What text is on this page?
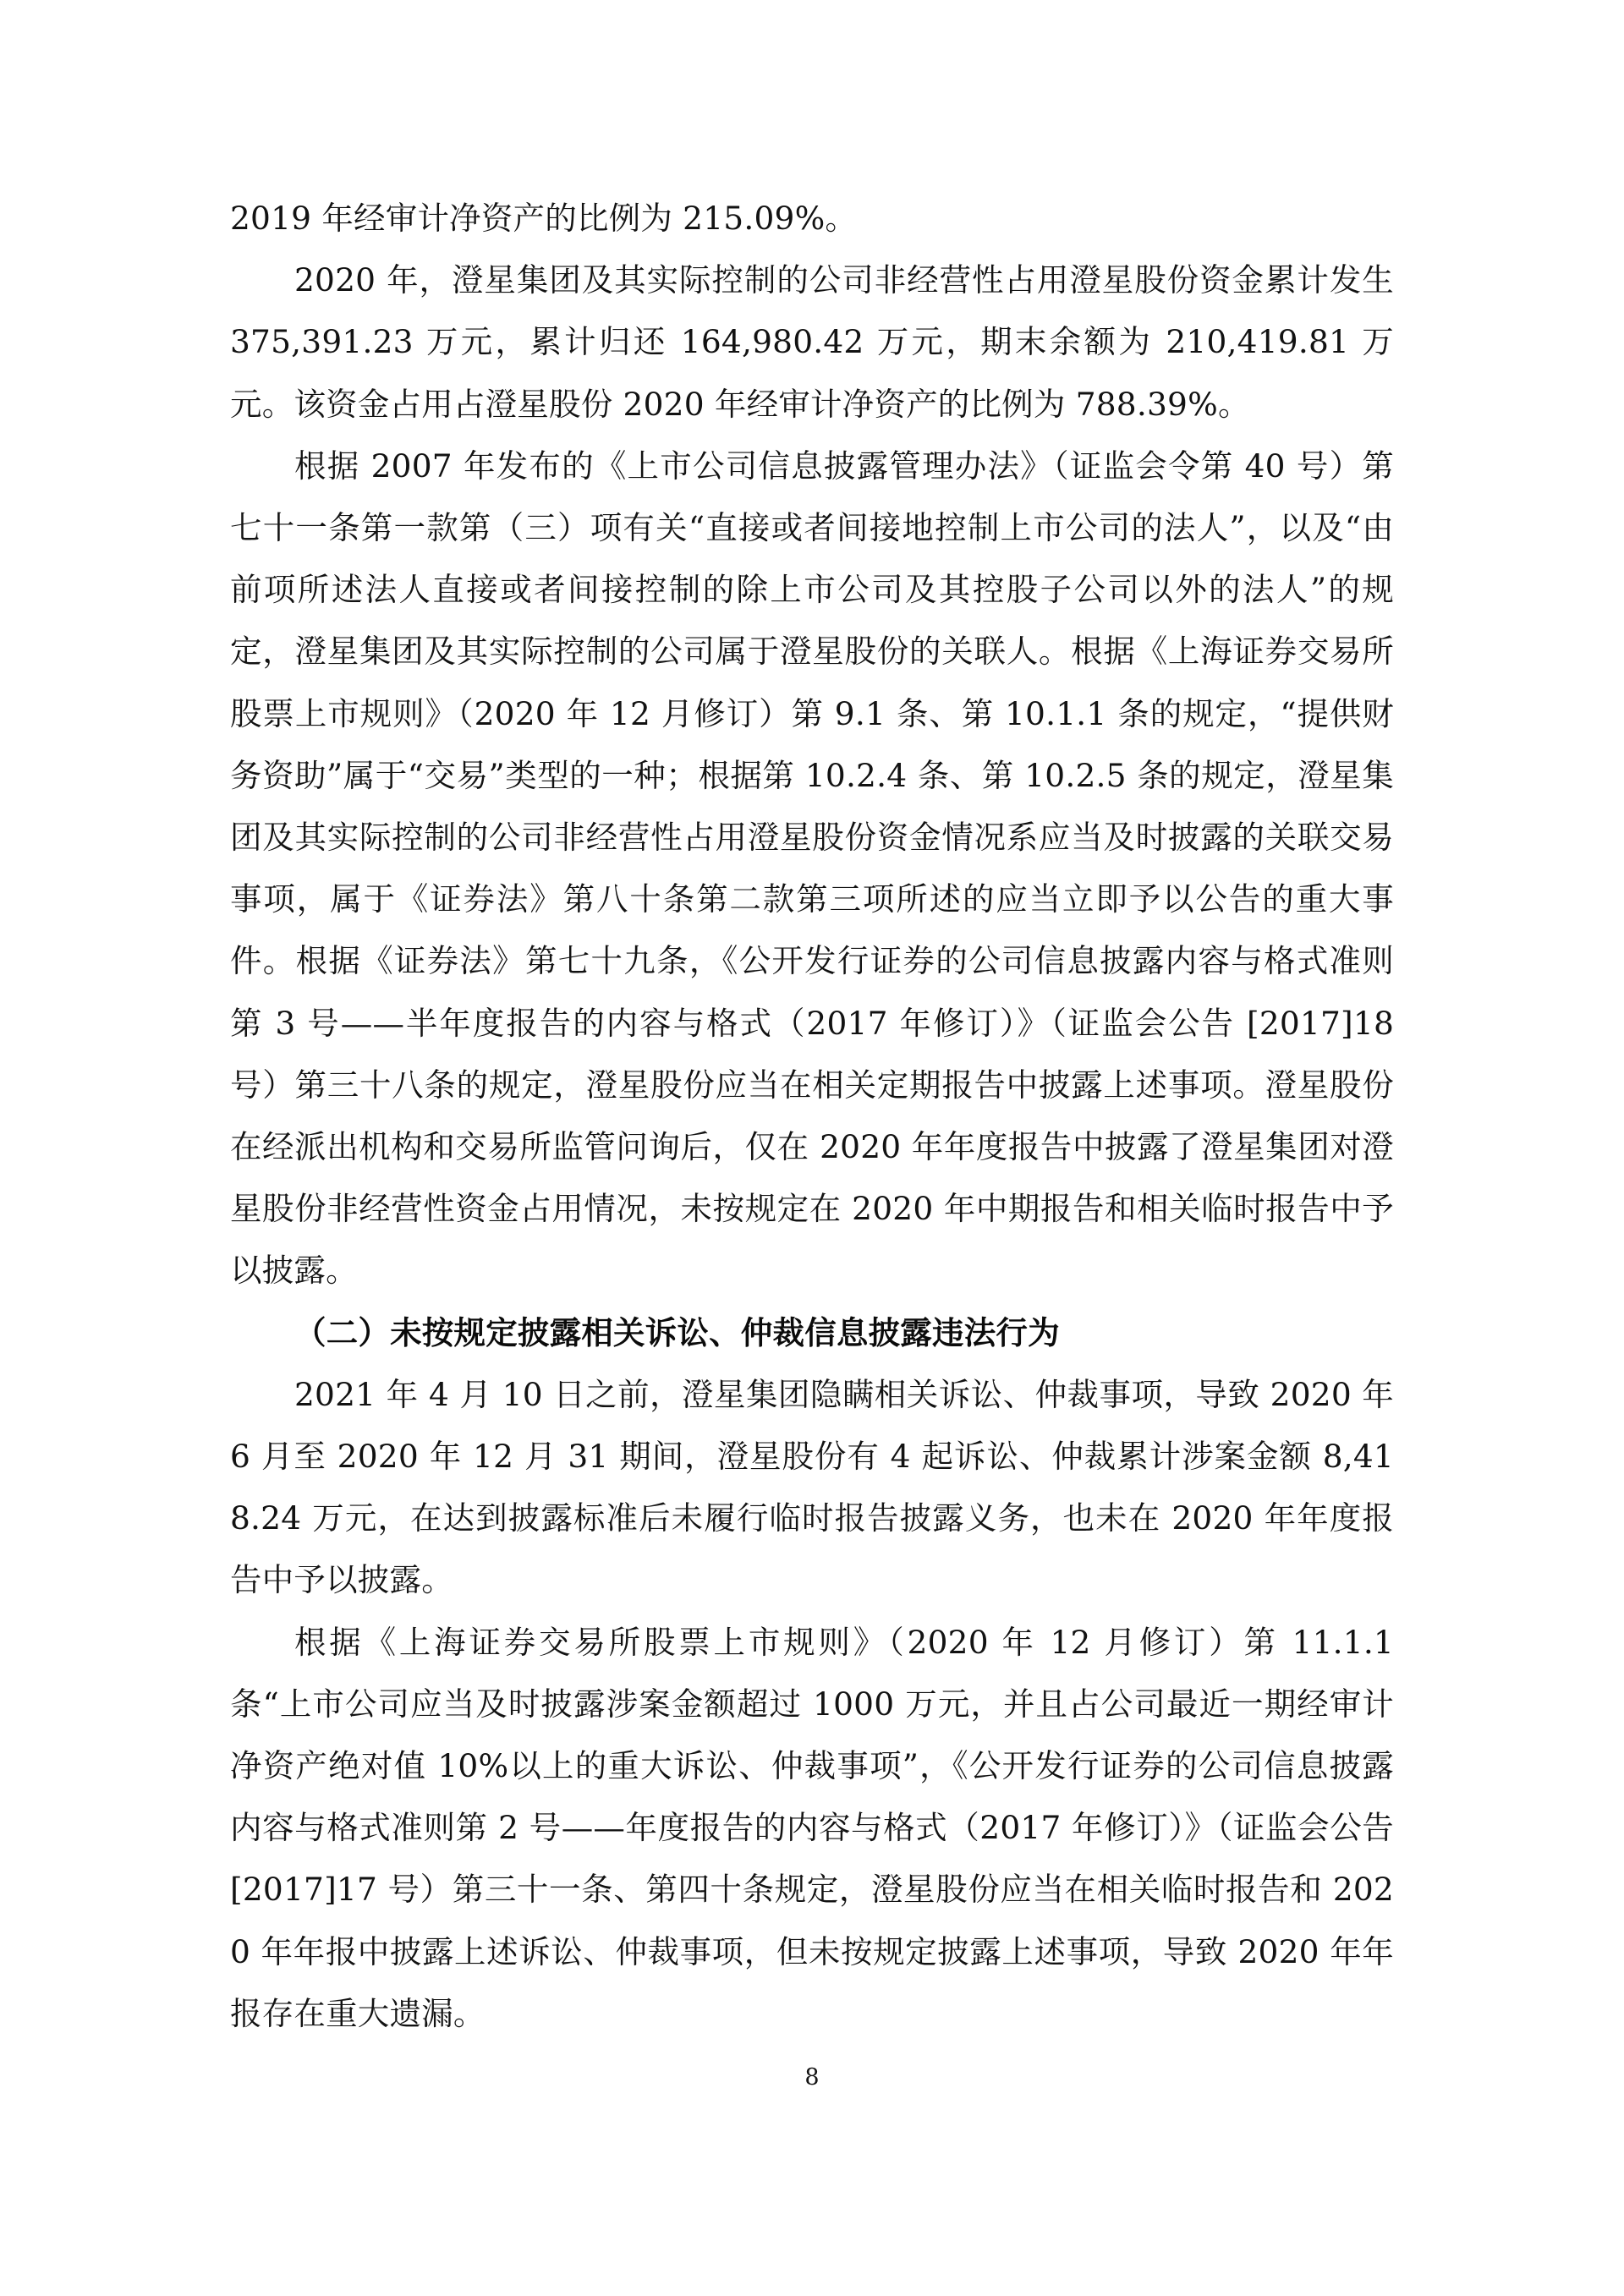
2019 年经审计净资产的比例为 215.09%。

2020 年，澄星集团及其实际控制的公司非经营性占用澄星股份资金累计发生 375,391.23 万元，累计归还 164,980.42 万元，期末余额为 210,419.81 万元。该资金占用占澄星股份 2020 年经审计净资产的比例为 788.39%。

根据 2007 年发布的《上市公司信息披露管理办法》（证监会令第 40 号）第七十一条第一款第（三）项有关“直接或者间接地控制上市公司的法人”，以及“由前项所述法人直接或者间接控制的除上市公司及其控股子公司以外的法人”的规定，澄星集团及其实际控制的公司属于澄星股份的关联人。根据《上海证券交易所股票上市规则》（2020 年 12 月修订）第 9.1 条、第 10.1.1 条的规定，“提供财务资助”属于“交易”类型的一种；根据第 10.2.4 条、第 10.2.5 条的规定，澄星集团及其实际控制的公司非经营性占用澄星股份资金情况系应当及时披露的关联交易事项，属于《证券法》第八十条第二款第三项所述的应当立即予以公告的重大事件。根据《证券法》第七十九条，《公开发行证券的公司信息披露内容与格式准则第 3 号——半年度报告的内容与格式（2017 年修订）》（证监会公告 [2017]18 号）第三十八条的规定，澄星股份应当在相关定期报告中披露上述事项。澄星股份在经派出机构和交易所监管问询后，仅在 2020 年年度报告中披露了澄星集团对澄星股份非经营性资金占用情况，未按规定在 2020 年中期报告和相关临时报告中予以披露。

（二）未按规定披露相关诉讼、仲裁信息披露违法行为

2021 年 4 月 10 日之前，澄星集团隐瞒相关诉讼、仲裁事项，导致 2020 年 6 月至 2020 年 12 月 31 期间，澄星股份有 4 起诉讼、仲裁累计涉案金额 8,418.24 万元，在达到披露标准后未履行临时报告披露义务，也未在 2020 年年度报告中予以披露。

根据《上海证券交易所股票上市规则》（2020 年 12 月修订）第 11.1.1 条“上市公司应当及时披露涉案金额超过 1000 万元，并且占公司最近一期经审计净资产绝对值 10%以上的重大诉讼、仲裁事项”，《公开发行证券的公司信息披露内容与格式准则第 2 号——年度报告的内容与格式（2017 年修订）》（证监会公告[2017]17 号）第三十一条、第四十条规定，澄星股份应当在相关临时报告和 2020 年年报中披露上述诉讼、仲裁事项，但未按规定披露上述事项，导致 2020 年年报存在重大遗漏。

8
